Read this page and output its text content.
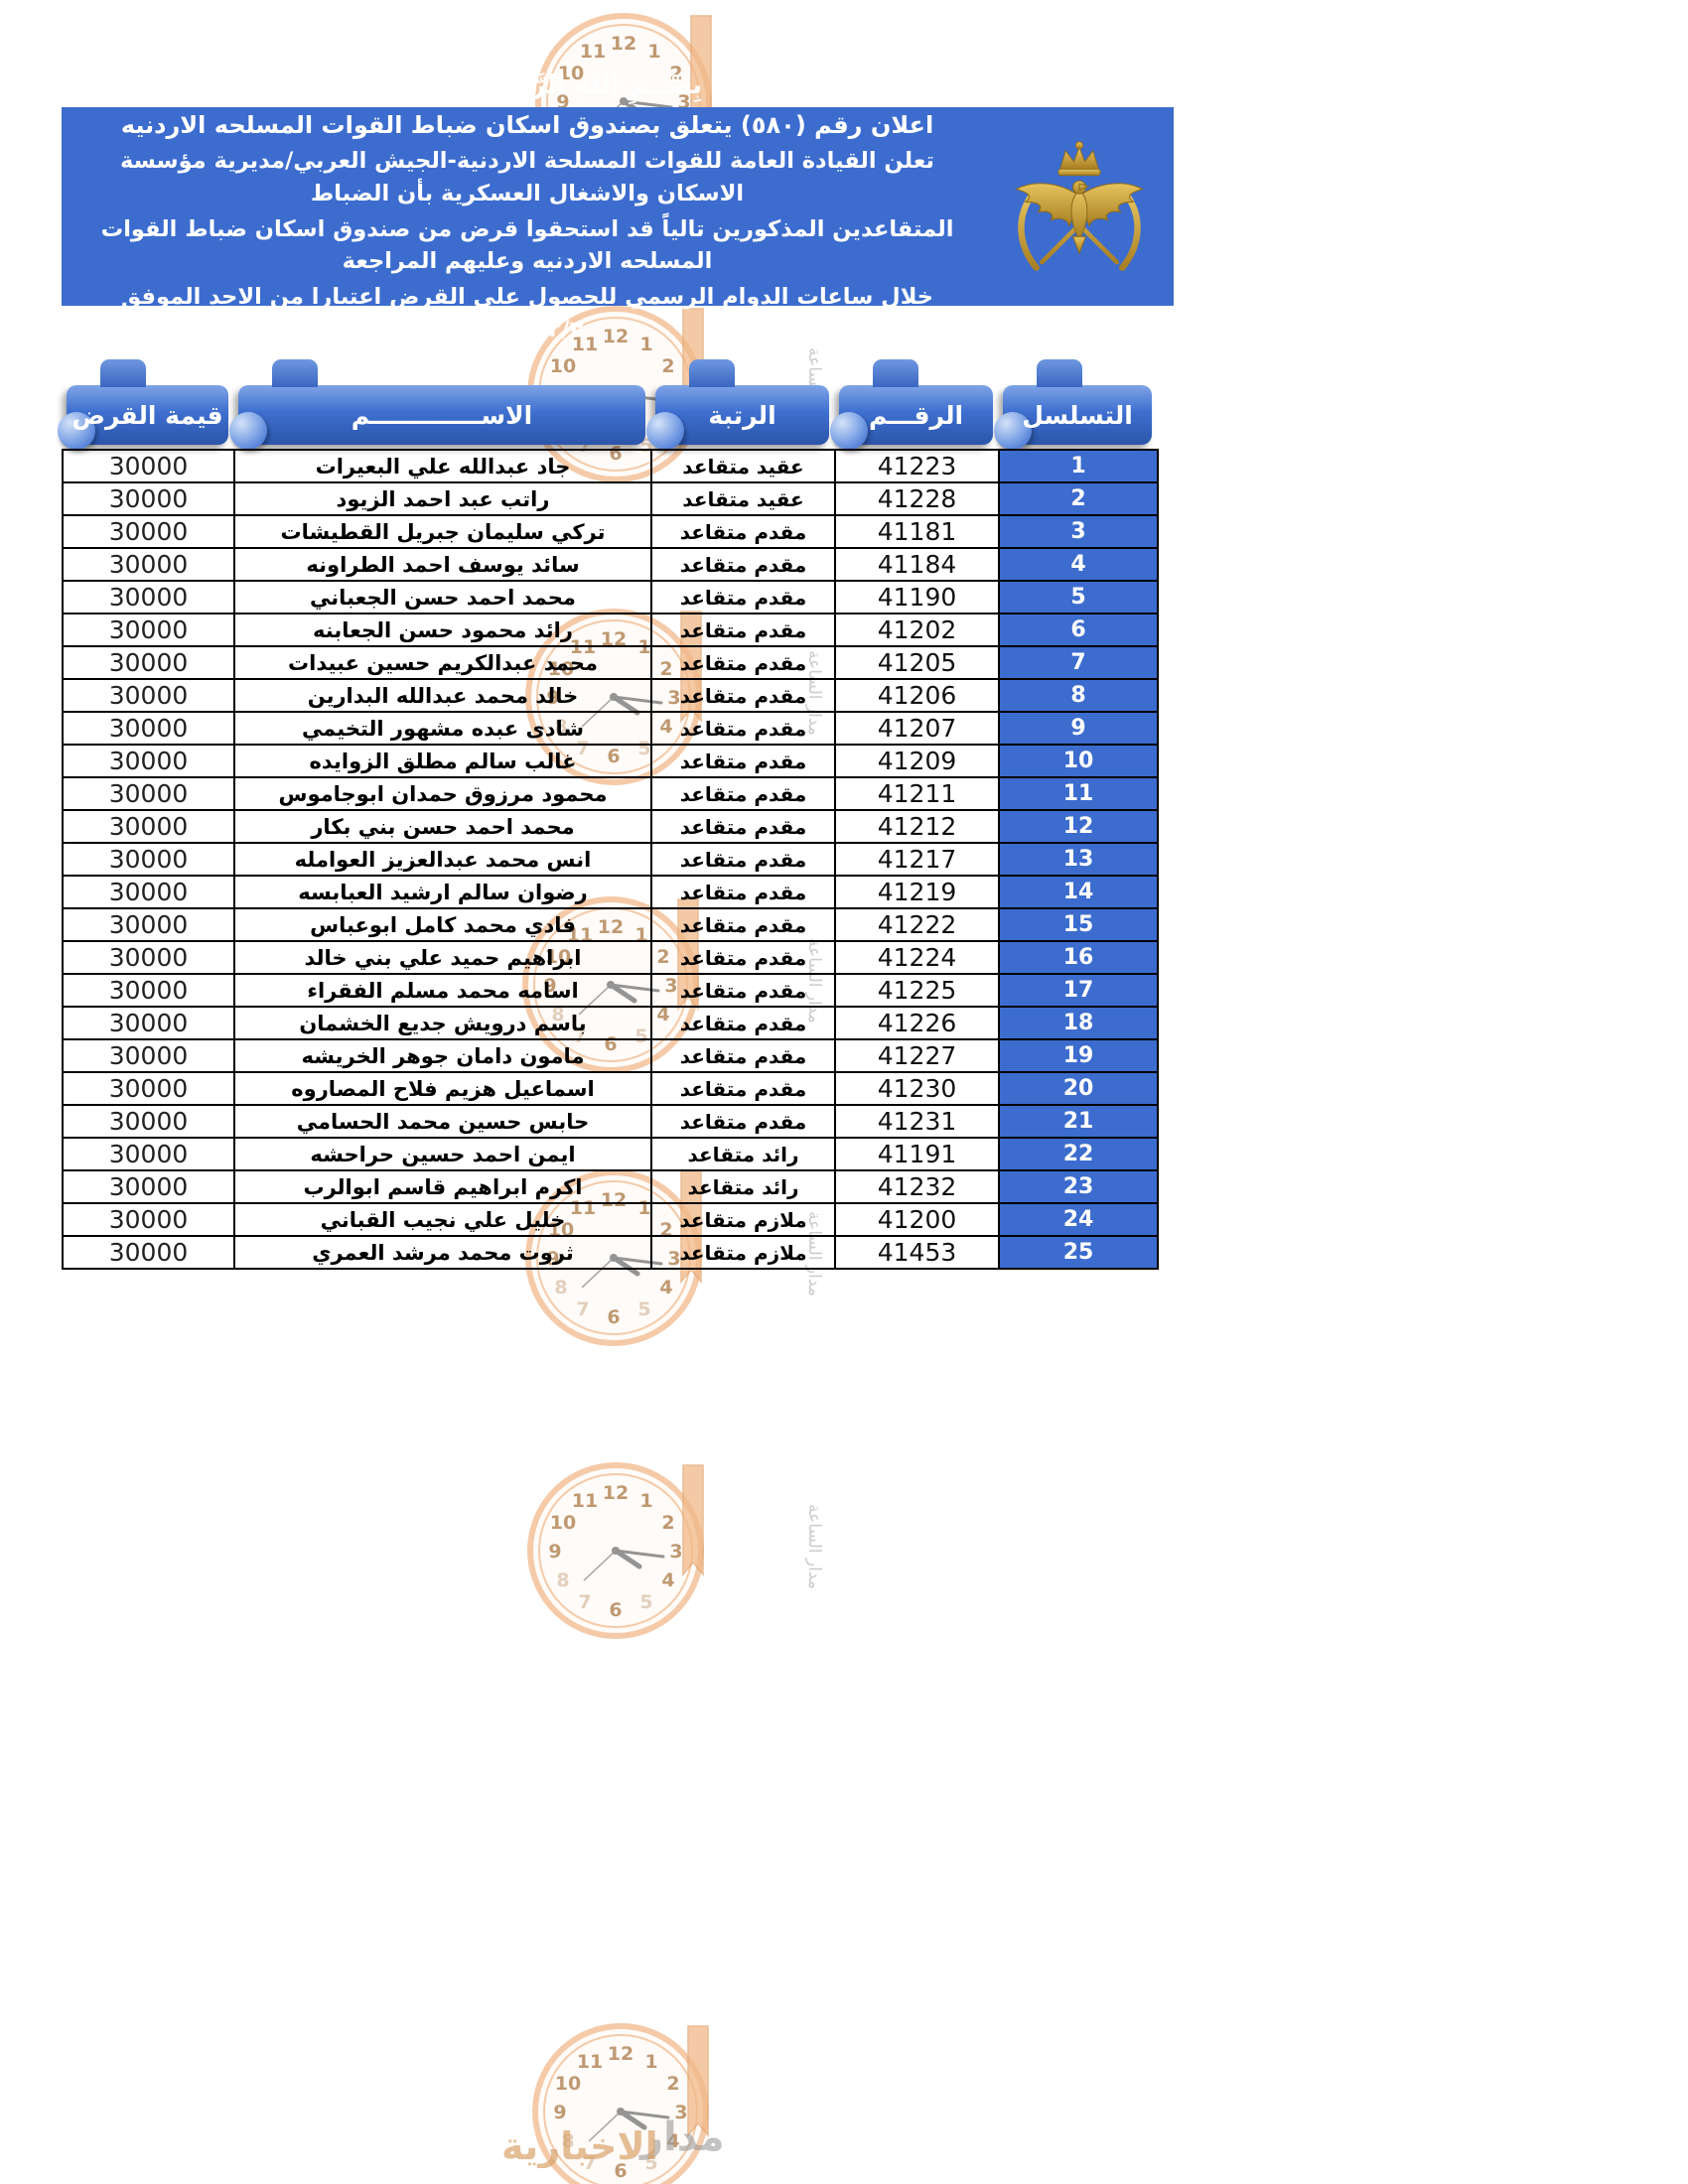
مدار الساعة
مدار الساعة
مدار الساعة
مدار الساعة
مدار
الاخبارية
بِسْــمِ اللهِ الرَّحْمَنِ الرَّحِيـــم
اعلان رقم (٥٨٠) يتعلق بصندوق اسكان ضباط القوات المسلحه الاردنيه
تعلن القيادة العامة للقوات المسلحة الاردنية-الجيش العربي/مديرية مؤسسة الاسكان والاشغال العسكرية بأن الضباط
المتقاعدين المذكورين تالياً قد استحقوا قرض من صندوق اسكان ضباط القوات المسلحه الاردنيه وعليهم المراجعة
خلال ساعات الدوام الرسمي للحصول على القرض اعتبارا من الاحد الموفق ٢٠٢٣/١٢/٣
التسلسل
الرقـــم
الرتبة
الاســـــــــــــم
قيمة القرض
1	41223	عقيد متقاعد	جاد عبدالله علي البعيرات	30000
2	41228	عقيد متقاعد	راتب عبد احمد الزيود	30000
3	41181	مقدم متقاعد	تركي سليمان جبريل القطيشات	30000
4	41184	مقدم متقاعد	سائد يوسف احمد الطراونه	30000
5	41190	مقدم متقاعد	محمد احمد حسن الجعباني	30000
6	41202	مقدم متقاعد	رائد محمود حسن الجعابنه	30000
7	41205	مقدم متقاعد	محمد عبدالكريم حسين عبيدات	30000
8	41206	مقدم متقاعد	خالد محمد عبدالله البدارين	30000
9	41207	مقدم متقاعد	شادى عبده مشهور التخيمي	30000
10	41209	مقدم متقاعد	غالب سالم مطلق الزوايده	30000
11	41211	مقدم متقاعد	محمود مرزوق حمدان ابوجاموس	30000
12	41212	مقدم متقاعد	محمد احمد حسن بني بكار	30000
13	41217	مقدم متقاعد	انس محمد عبدالعزيز العوامله	30000
14	41219	مقدم متقاعد	رضوان سالم ارشيد العبابسه	30000
15	41222	مقدم متقاعد	فادي محمد كامل ابوعباس	30000
16	41224	مقدم متقاعد	ابراهيم حميد علي بني خالد	30000
17	41225	مقدم متقاعد	اسامه محمد مسلم الفقراء	30000
18	41226	مقدم متقاعد	باسم درويش جديع الخشمان	30000
19	41227	مقدم متقاعد	مامون دامان جوهر الخريشه	30000
20	41230	مقدم متقاعد	اسماعيل هزيم فلاح المصاروه	30000
21	41231	مقدم متقاعد	حابس حسين محمد الحسامي	30000
22	41191	رائد متقاعد	ايمن احمد حسين حراحشه	30000
23	41232	رائد متقاعد	اكرم ابراهيم قاسم ابوالرب	30000
24	41200	ملازم متقاعد	خليل علي نجيب القباني	30000
25	41453	ملازم متقاعد	ثروت محمد مرشد العمري	30000
